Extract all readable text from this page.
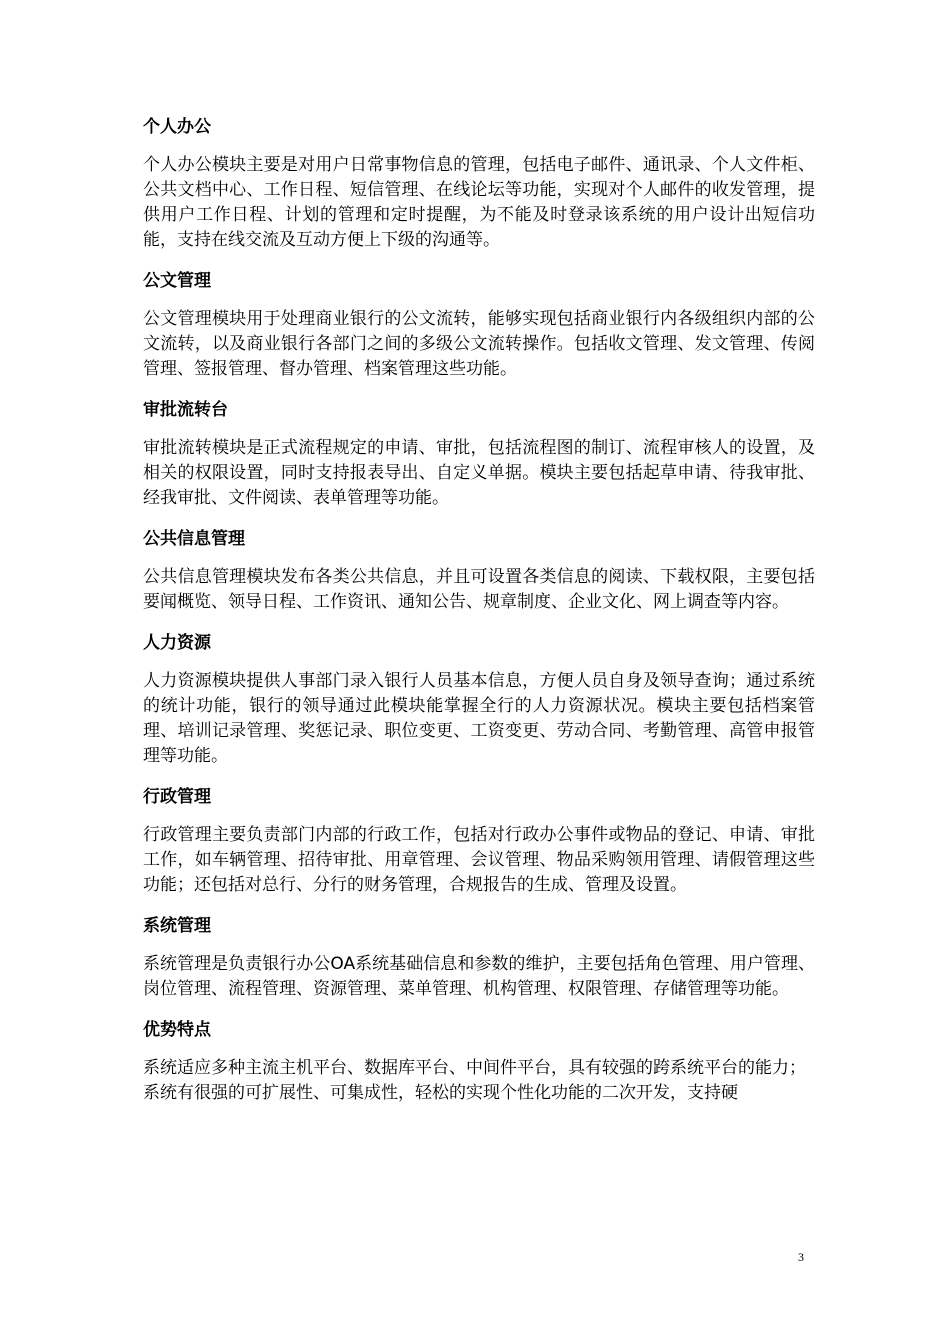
个人办公

个人办公模块主要是对用户日常事物信息的管理，包括电子邮件、通讯录、个人文件柜、公共文档中心、工作日程、短信管理、在线论坛等功能，实现对个人邮件的收发管理，提供用户工作日程、计划的管理和定时提醒，为不能及时登录该系统的用户设计出短信功能，支持在线交流及互动方便上下级的沟通等。

公文管理

公文管理模块用于处理商业银行的公文流转，能够实现包括商业银行内各级组织内部的公文流转，以及商业银行各部门之间的多级公文流转操作。包括收文管理、发文管理、传阅管理、签报管理、督办管理、档案管理这些功能。

审批流转台

审批流转模块是正式流程规定的申请、审批，包括流程图的制订、流程审核人的设置，及相关的权限设置，同时支持报表导出、自定义单据。模块主要包括起草申请、待我审批、经我审批、文件阅读、表单管理等功能。

公共信息管理

公共信息管理模块发布各类公共信息，并且可设置各类信息的阅读、下载权限，主要包括要闻概览、领导日程、工作资讯、通知公告、规章制度、企业文化、网上调查等内容。

人力资源

人力资源模块提供人事部门录入银行人员基本信息，方便人员自身及领导查询；通过系统的统计功能，银行的领导通过此模块能掌握全行的人力资源状况。模块主要包括档案管理、培训记录管理、奖惩记录、职位变更、工资变更、劳动合同、考勤管理、高管申报管理等功能。

行政管理

行政管理主要负责部门内部的行政工作，包括对行政办公事件或物品的登记、申请、审批工作，如车辆管理、招待审批、用章管理、会议管理、物品采购领用管理、请假管理这些功能；还包括对总行、分行的财务管理，合规报告的生成、管理及设置。

系统管理

系统管理是负责银行办公OA系统基础信息和参数的维护，主要包括角色管理、用户管理、岗位管理、流程管理、资源管理、菜单管理、机构管理、权限管理、存储管理等功能。

优势特点

系统适应多种主流主机平台、数据库平台、中间件平台，具有较强的跨系统平台的能力；

系统有很强的可扩展性、可集成性，轻松的实现个性化功能的二次开发，支持硬

3
